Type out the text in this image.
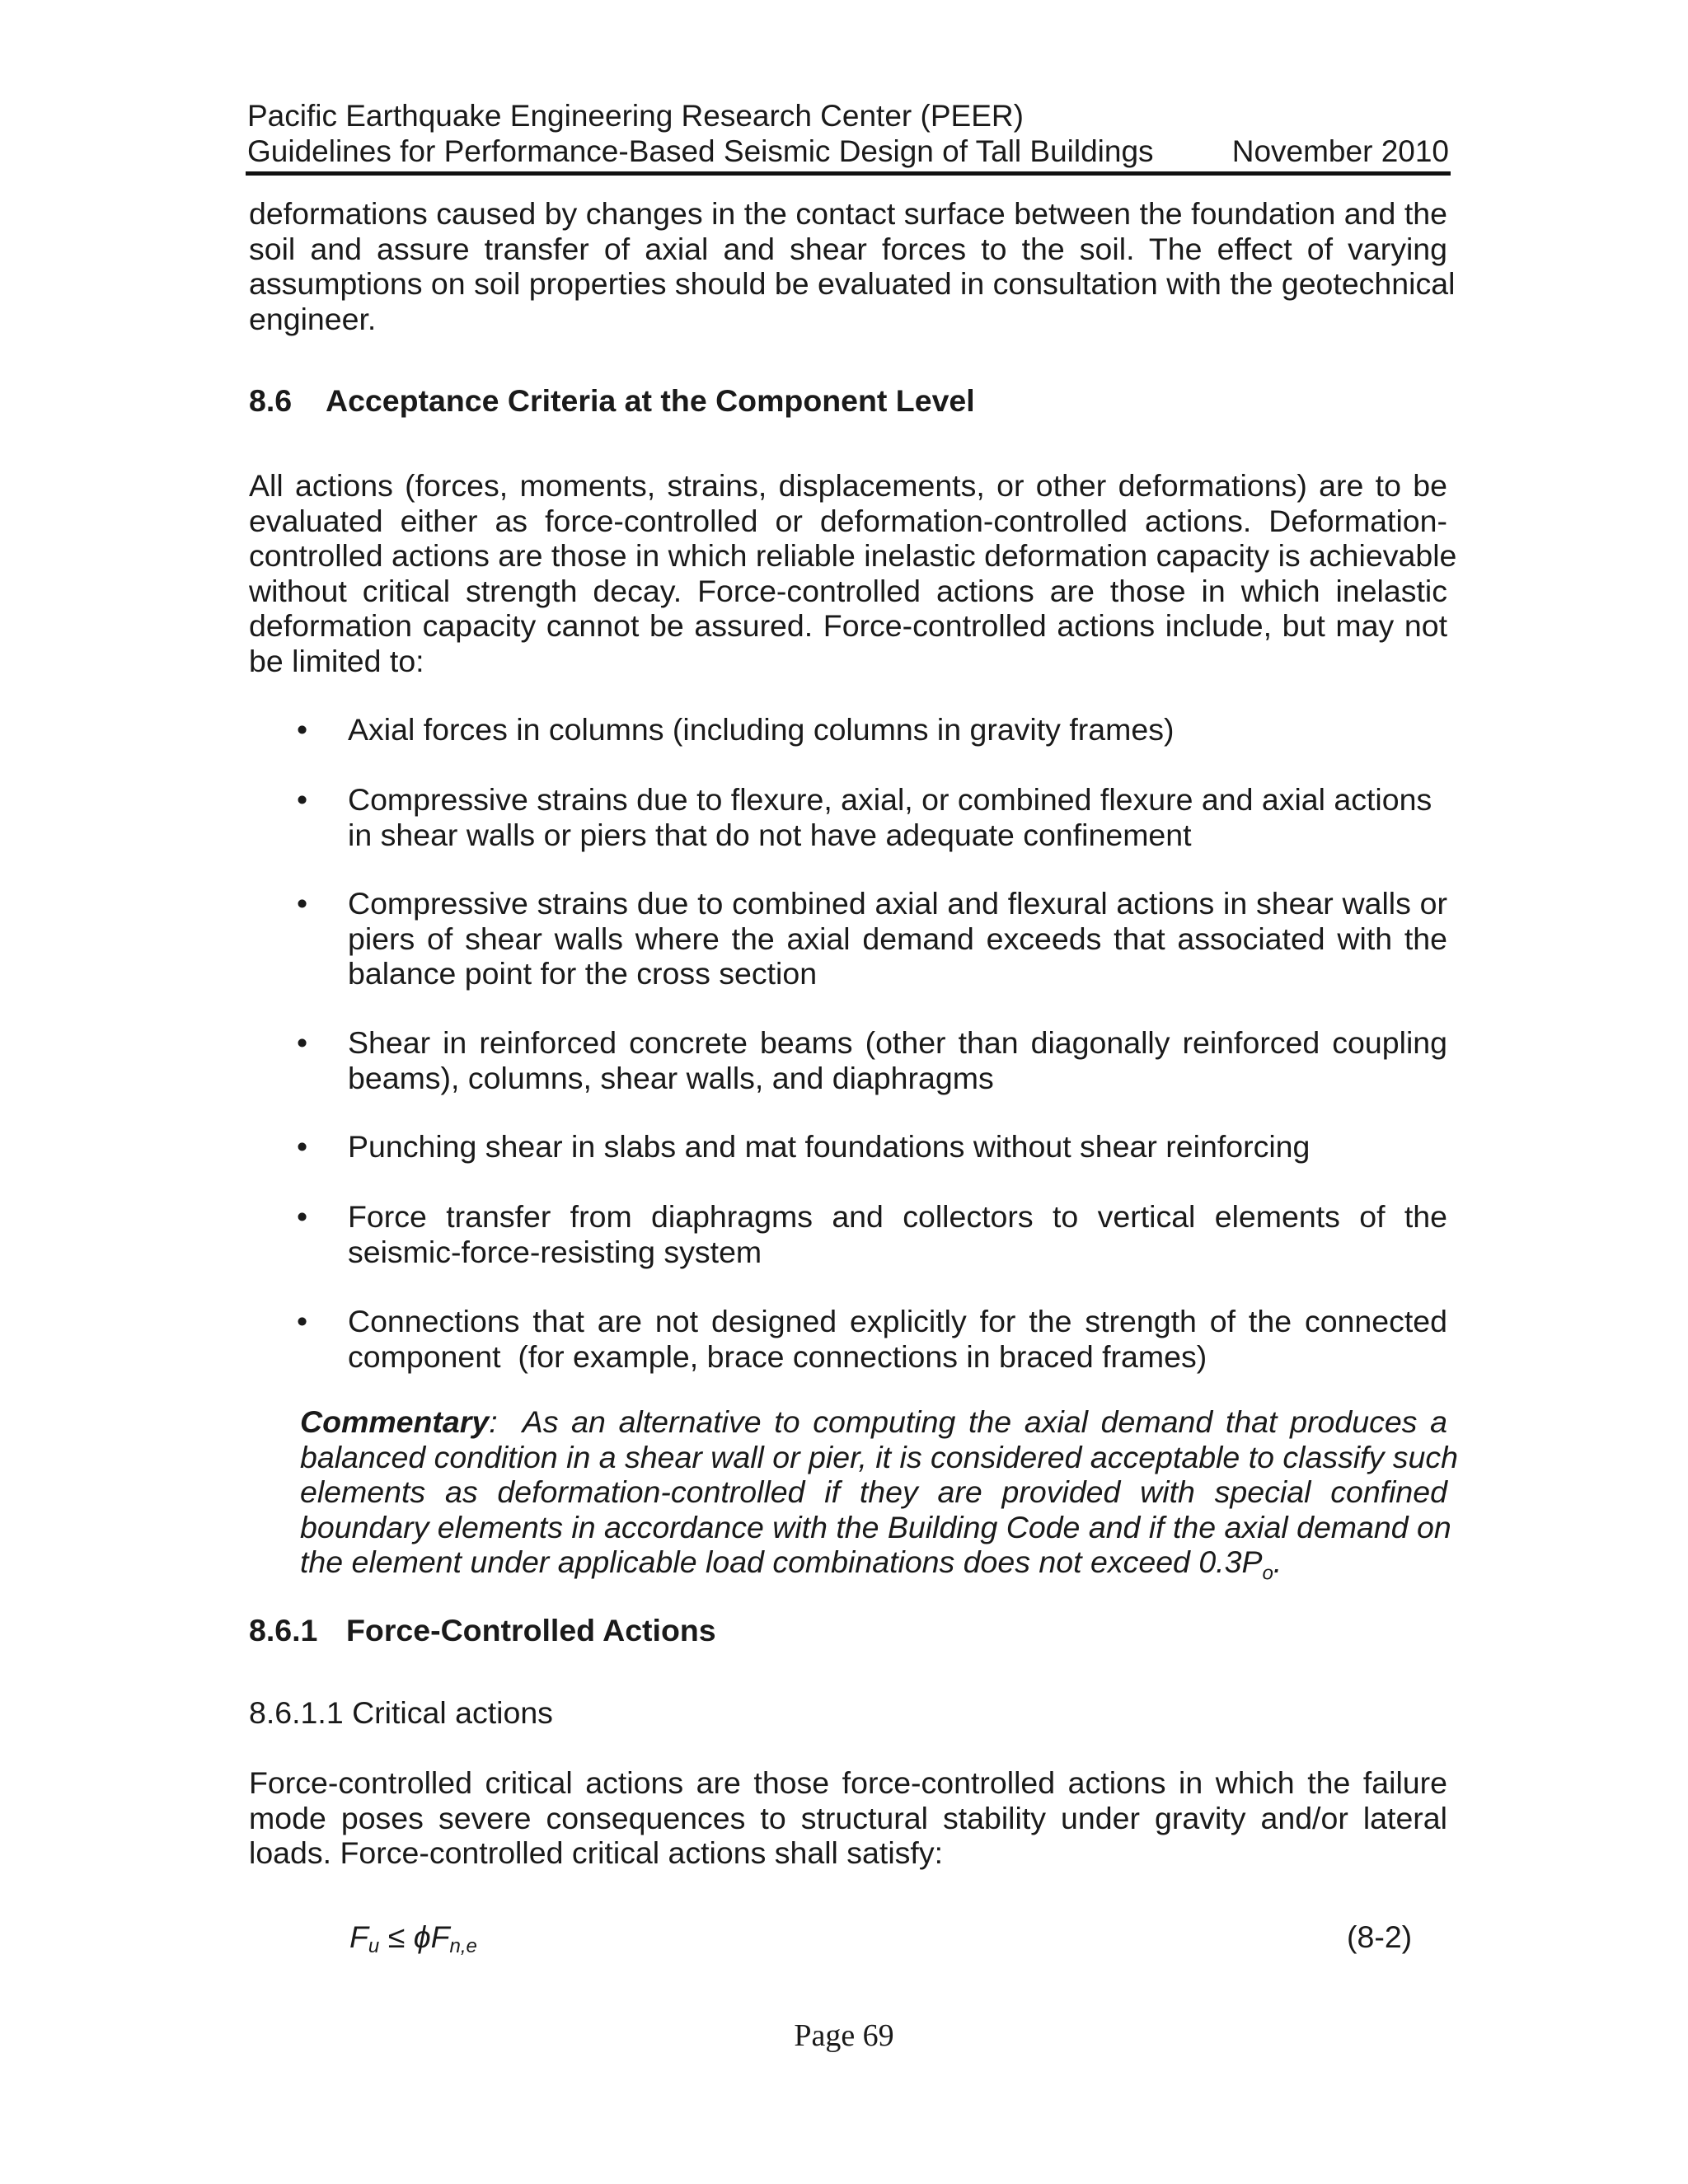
Pacific Earthquake Engineering Research Center (PEER)
Guidelines for Performance-Based Seismic Design of Tall Buildings	November 2010
deformations caused by changes in the contact surface between the foundation and the
soil and assure transfer of axial and shear forces to the soil. The effect of varying
assumptions on soil properties should be evaluated in consultation with the geotechnical
engineer.
8.6 Acceptance Criteria at the Component Level
All actions (forces, moments, strains, displacements, or other deformations) are to be
evaluated either as force-controlled or deformation-controlled actions. Deformation-
controlled actions are those in which reliable inelastic deformation capacity is achievable
without critical strength decay. Force-controlled actions are those in which inelastic
deformation capacity cannot be assured. Force-controlled actions include, but may not
be limited to:
• Axial forces in columns (including columns in gravity frames)
• Compressive strains due to flexure, axial, or combined flexure and axial actions
in shear walls or piers that do not have adequate confinement
• Compressive strains due to combined axial and flexural actions in shear walls or
piers of shear walls where the axial demand exceeds that associated with the
balance point for the cross section
• Shear in reinforced concrete beams (other than diagonally reinforced coupling
beams), columns, shear walls, and diaphragms
• Punching shear in slabs and mat foundations without shear reinforcing
• Force transfer from diaphragms and collectors to vertical elements of the
seismic-force-resisting system
• Connections that are not designed explicitly for the strength of the connected
component  (for example, brace connections in braced frames)
Commentary:  As an alternative to computing the axial demand that produces a
balanced condition in a shear wall or pier, it is considered acceptable to classify such
elements as deformation-controlled if they are provided with special confined
boundary elements in accordance with the Building Code and if the axial demand on
the element under applicable load combinations does not exceed $0.3P_o$.
8.6.1 Force-Controlled Actions
8.6.1.1 Critical actions
Force-controlled critical actions are those force-controlled actions in which the failure
mode poses severe consequences to structural stability under gravity and/or lateral
loads. Force-controlled critical actions shall satisfy:
$F_u \le \phi F_{n,e}$	(8-2)
Page 69
